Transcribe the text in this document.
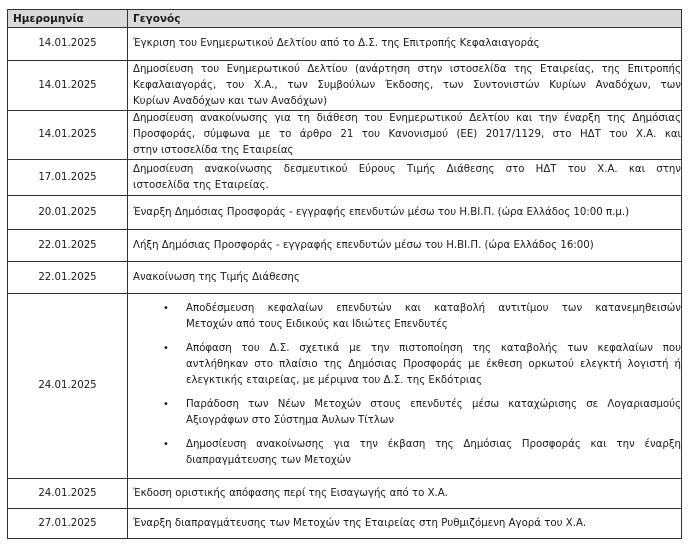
Ημερομηνία	Γεγονός
14.01.2025	Έγκριση του Ενημερωτικού Δελτίου από το Δ.Σ. της Επιτροπής Κεφαλαιαγοράς

14.01.2025	Δημοσίευση του Ενημερωτικού Δελτίου (ανάρτηση στην ιστοσελίδα της Εταιρείας, της Επιτροπής
Κεφαλαιαγοράς, του Χ.Α., των Συμβούλων Έκδοσης, των Συντονιστών Κυρίων Αναδόχων, των
Κυρίων Αναδόχων και των Αναδόχων)

14.01.2025	Δημοσίευση ανακοίνωσης για τη διάθεση του Ενημερωτικού Δελτίου και την έναρξη της Δημόσιας
Προσφοράς, σύμφωνα με το άρθρο 21 του Κανονισμού (ΕΕ) 2017/1129, στο ΗΔΤ του Χ.Α. και
στην ιστοσελίδα της Εταιρείας

17.01.2025	Δημοσίευση ανακοίνωσης δεσμευτικού Εύρους Τιμής Διάθεσης στο ΗΔΤ του Χ.Α. και στην
ιστοσελίδα της Εταιρείας.

20.01.2025	Έναρξη Δημόσιας Προσφοράς - εγγραφής επενδυτών μέσω του Η.ΒΙ.Π. (ώρα Ελλάδος 10:00 π.μ.)

22.01.2025	Λήξη Δημόσιας Προσφοράς - εγγραφής επενδυτών μέσω του Η.ΒΙ.Π. (ώρα Ελλάδος 16:00)

22.01.2025	Ανακοίνωση της Τιμής Διάθεσης

24.01.2025	
• Αποδέσμευση κεφαλαίων επενδυτών και καταβολή αντιτίμου των κατανεμηθεισών
Μετοχών από τους Ειδικούς και Ιδιώτες Επενδυτές
• Απόφαση του Δ.Σ. σχετικά με την πιστοποίηση της καταβολής των κεφαλαίων που
αντλήθηκαν στο πλαίσιο της Δημόσιας Προσφοράς με έκθεση ορκωτού ελεγκτή λογιστή ή
ελεγκτικής εταιρείας, με μέριμνα του Δ.Σ. της Εκδότριας
• Παράδοση των Νέων Μετοχών στους επενδυτές μέσω καταχώρισης σε Λογαριασμούς
Αξιογράφων στο Σύστημα Άυλων Τίτλων
• Δημοσίευση ανακοίνωσης για την έκβαση της Δημόσιας Προσφοράς και την έναρξη
διαπραγμάτευσης των Μετοχών

24.01.2025	Έκδοση οριστικής απόφασης περί της Εισαγωγής από το Χ.Α.

27.01.2025	Έναρξη διαπραγμάτευσης των Μετοχών της Εταιρείας στη Ρυθμιζόμενη Αγορά του Χ.Α.
